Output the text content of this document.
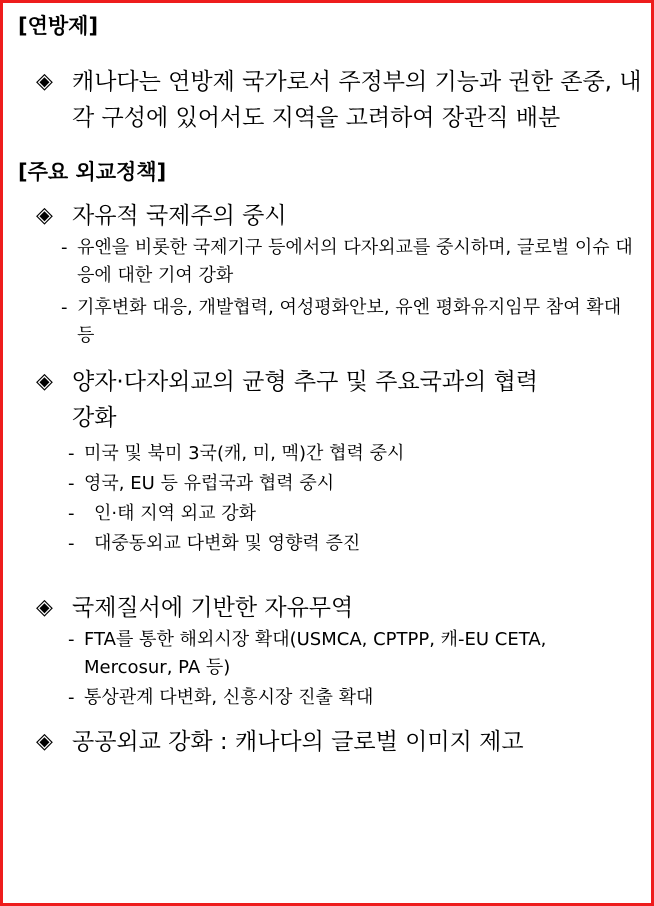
[연방제]
◈ 캐나다는 연방제 국가로서 주정부의 기능과 권한 존중, 내각 구성에 있어서도 지역을 고려하여 장관직 배분
[주요 외교정책]
◈ 자유적 국제주의 중시
- 유엔을 비롯한 국제기구 등에서의 다자외교를 중시하며, 글로벌 이슈 대응에 대한 기여 강화
- 기후변화 대응, 개발협력, 여성평화안보, 유엔 평화유지임무 참여 확대 등
◈ 양자·다자외교의 균형 추구 및 주요국과의 협력 강화
- 미국 및 북미 3국(캐, 미, 멕)간 협력 중시
- 영국, EU 등 유럽국과 협력 중시
-	인·태 지역 외교 강화
-	대중동외교 다변화 및 영향력 증진
◈ 국제질서에 기반한 자유무역
- FTA를 통한 해외시장 확대(USMCA, CPTPP, 캐-EU CETA, Mercosur, PA 등)
- 통상관계 다변화, 신흥시장 진출 확대
◈ 공공외교 강화 : 캐나다의 글로벌 이미지 제고
